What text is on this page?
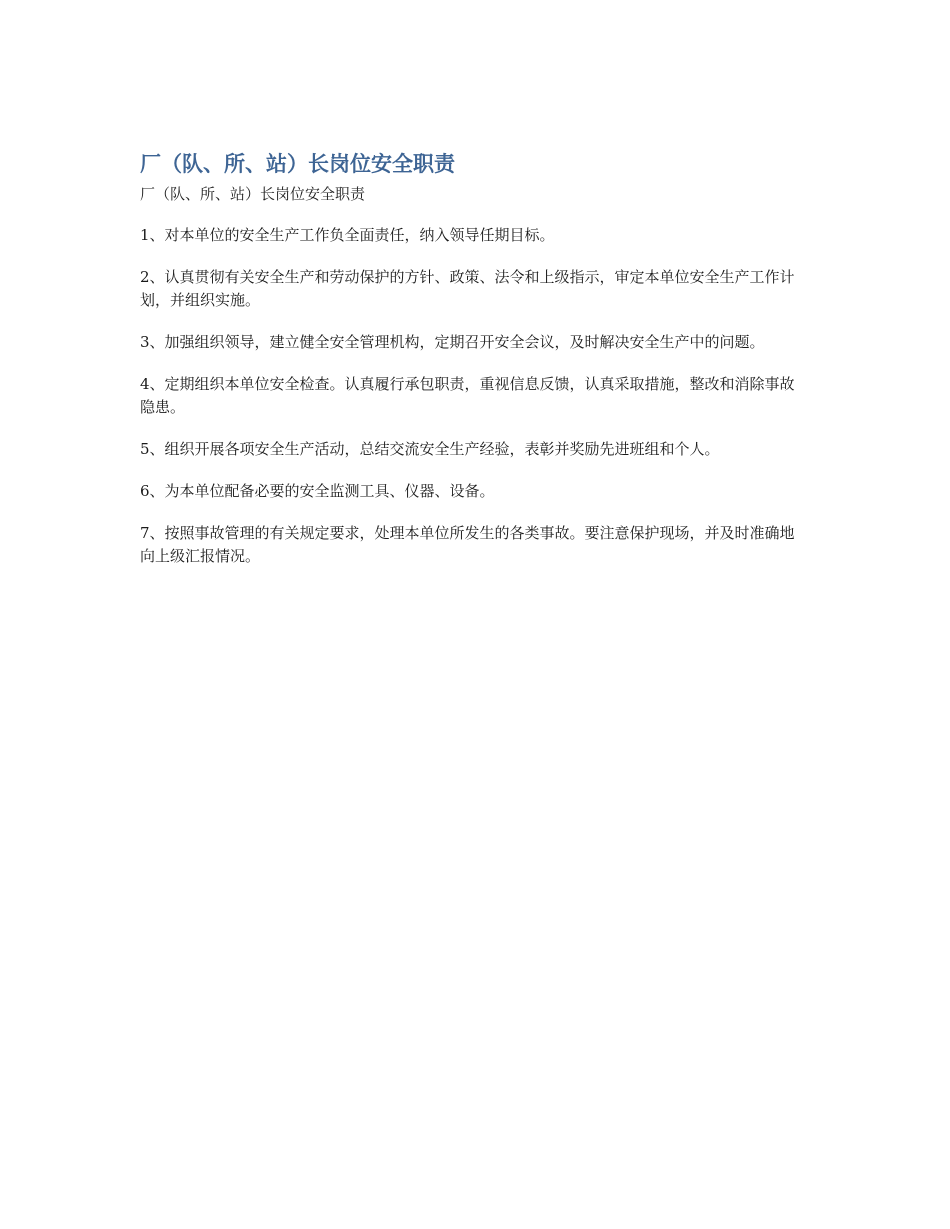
厂（队、所、站）长岗位安全职责

厂（队、所、站）长岗位安全职责

1、对本单位的安全生产工作负全面责任，纳入领导任期目标。
2、认真贯彻有关安全生产和劳动保护的方针、政策、法令和上级指示，审定本单位安全生产工作计划，并组织实施。
3、加强组织领导，建立健全安全管理机构，定期召开安全会议，及时解决安全生产中的问题。
4、定期组织本单位安全检查。认真履行承包职责，重视信息反馈，认真采取措施，整改和消除事故隐患。
5、组织开展各项安全生产活动，总结交流安全生产经验，表彰并奖励先进班组和个人。
6、为本单位配备必要的安全监测工具、仪器、设备。
7、按照事故管理的有关规定要求，处理本单位所发生的各类事故。要注意保护现场，并及时准确地向上级汇报情况。
